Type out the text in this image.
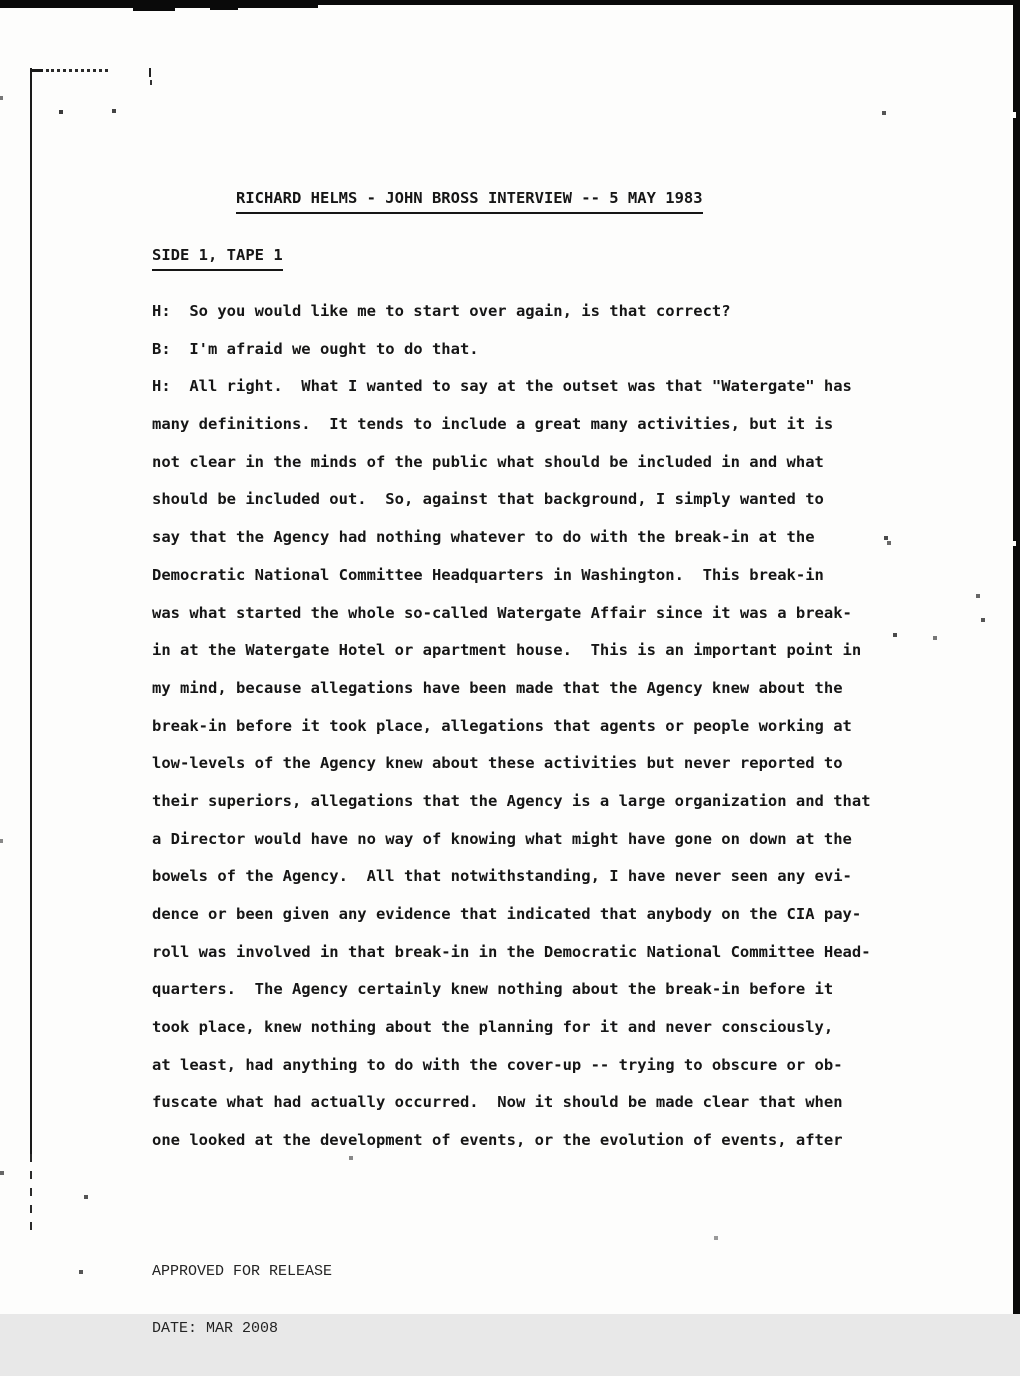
RICHARD HELMS - JOHN BROSS INTERVIEW -- 5 MAY 1983
SIDE 1, TAPE 1
H:  So you would like me to start over again, is that correct?
B:  I'm afraid we ought to do that.
H:  All right.  What I wanted to say at the outset was that "Watergate" has
many definitions.  It tends to include a great many activities, but it is
not clear in the minds of the public what should be included in and what
should be included out.  So, against that background, I simply wanted to
say that the Agency had nothing whatever to do with the break-in at the
Democratic National Committee Headquarters in Washington.  This break-in
was what started the whole so-called Watergate Affair since it was a break-
in at the Watergate Hotel or apartment house.  This is an important point in
my mind, because allegations have been made that the Agency knew about the
break-in before it took place, allegations that agents or people working at
low-levels of the Agency knew about these activities but never reported to
their superiors, allegations that the Agency is a large organization and that
a Director would have no way of knowing what might have gone on down at the
bowels of the Agency.  All that notwithstanding, I have never seen any evi-
dence or been given any evidence that indicated that anybody on the CIA pay-
roll was involved in that break-in in the Democratic National Committee Head-
quarters.  The Agency certainly knew nothing about the break-in before it
took place, knew nothing about the planning for it and never consciously,
at least, had anything to do with the cover-up -- trying to obscure or ob-
fuscate what had actually occurred.  Now it should be made clear that when
one looked at the development of events, or the evolution of events, after

APPROVED FOR RELEASE

DATE: MAR 2008
